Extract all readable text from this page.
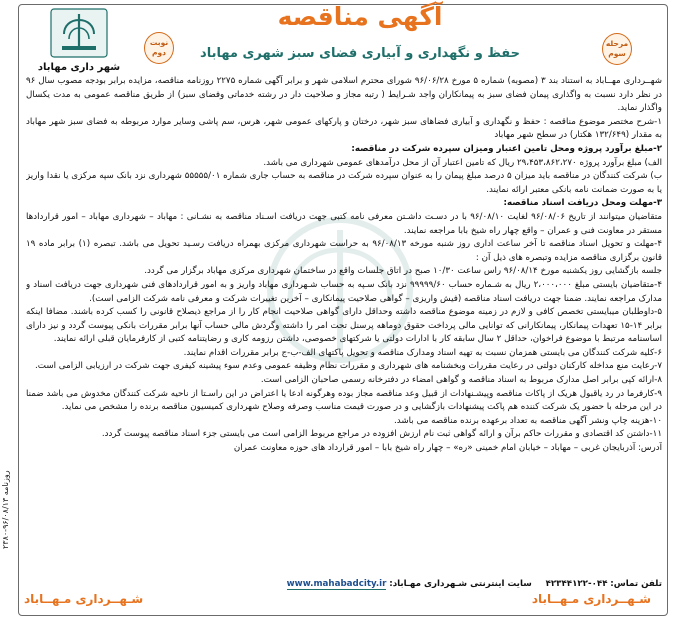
شهر داری مهاباد
نوبت دوم
مرحله سوم
آگهی مناقصه
حفظ و نگهداری و آبیاری فضای سبز شهری مهاباد

شهــرداری مهــاباد به استناد بند ۳ (مصوبه) شماره ۵ مورخ ۹۶/۰۶/۲۸ شورای محترم اسلامی شهر و برابر آگهی شماره ۲۲۷۵ روزنامه مناقصه، مزایده برابر بودجه مصوب سال ۹۶ در نظر دارد نسبت به واگذاری پیمان فضای سبز به پیمانکاران واجد شـرایط ( رتبه مجاز و صلاحیت دار در رشته خدماتی وفضای سبز) از طریق مناقصه عمومی به مدت یکسال واگذار نماید.

۱-شرح مختصر موضوع مناقصه : حفظ و نگهداری و آبیاری فضاهای سبز شهر، درختان و پارکهای عمومی شهر، هرس، سم پاشی وسایر موارد مربوطه به فضای سبز شهر مهاباد به مقدار (۱۳۲/۶۴۹ هکتار) در سطح شهر مهاباد

۲-مبلغ برآورد پروژه ومحل تامین اعتبار ومیزان سپرده شرکت در مناقصه:

الف) مبلغ برآورد پروژه ۲۹،۴۵۳،۸۶۲،۲۷۰ ریال که تامین اعتبار آن از محل درآمدهای عمومی شهرداری می باشد.

ب) شرکت کنندگان در مناقصه باید میزان ۵ درصد مبلغ پیمان را به عنوان سپرده شرکت در مناقصه به حساب جاری شماره ۵۵۵۵۵/۰۱ شهرداری نزد بانک سپه مرکزی یا نقدا واریز یا به صورت ضمانت نامه بانکی معتبر ارائه نمایند.

۳-مهلت ومحل دریافت اسناد مناقصه:

متقاضیان میتوانند از تاریخ ۹۶/۰۸/۰۶ لغایت ۹۶/۰۸/۱۰ با در دسـت داشـتن معرفی نامه کتبی جهت دریافت اسـناد مناقصه به نشـانی : مهاباد – شهرداری مهاباد – امور قراردادها مستقر در معاونت فنی و عمران – واقع چهار راه شیخ بابا مراجعه نمایند.

۴-مهلت و تحویل اسناد مناقصه تا آخر ساعت اداری روز شنبه مورخه ۹۶/۰۸/۱۳ به حراست شهرداری مرکزی بهمراه دریافت رسـید تحویل می باشد. تبصره (۱) برابر ماده ۱۹ قانون برگزاری مناقصه مزایده وتبصره های ذیل آن :

جلسه بازگشایی روز یکشنبه مورخ ۹۶/۰۸/۱۴ راس ساعت ۱۰/۳۰ صبح در اتاق جلسات واقع در ساختمان شهرداری مرکزی مهاباد برگزار می گردد.

۴-متقاضیان بایستی مبلغ ۲،۰۰۰،۰۰۰ ریال به شـماره حساب ۹۹۹۹۹/۶۰ نزد بانک سـپه به حساب شـهرداری مهاباد واریز و به امور قراردادهای فنی شهرداری جهت دریافت اسناد و مدارک مراجعه نمایند. ضمنا جهت دریافت اسناد مناقصه (فیش واریزی – گواهی صلاحیت پیمانکاری – آخرین تغییرات شرکت و معرفی نامه شرکت الزامی است).

۵-داوطلبان میبایستی تخصص کافی و لازم در زمینه موضوع مناقصه داشته وحداقل دارای گواهی صلاحیت انجام کار را از مراجع ذیصلاح قانونی را کسب کرده باشند. مضافا اینکه برابر ۱۴-۱۵ تعهدات پیمانکار، پیمانکارانی که توانایی مالی پرداخت حقوق دوماهه پرسنل تحت امر را داشته وگردش مالی حساب آنها برابر مقررات بانکی پیوست گردد و نیز دارای اساسنامه مرتبط با موضوع فراخوان، حداقل ۲ سال سابقه کار با ادارات دولتی یا شرکتهای خصوصی، داشتن رزومه کاری و رضایتنامه کتبی از کارفرمایان قبلی ارائه نمایند.

۶-کلیه شرکت کنندگان می بایستی همزمان نسبت به تهیه اسناد ومدارک مناقصه و تحویل پاکتهای الف-ب-ج برابر مقررات اقدام نمایند.

۷-رعایت منع مداخله کارکنان دولتی در رعایت مقررات وبخشنامه های شهرداری و مقررات نظام وظیفه عمومی وعدم سوء پیشینه کیفری جهت شرکت در ارزیابی الزامی است.

۸-ارائه کپی برابر اصل مدارک مربوط به اسناد مناقصه و گواهی امضاء در دفترخانه رسمی صاحبان الزامی است.

۹-کارفرما در رد یاقبول هریک از پاکات مناقصه وپیشـنهادات از قبیل وعد مناقصه مجاز بوده وهرگونه ادعا یا اعتراض در این راسـتا از ناحیه شرکت کنندگان مخدوش می باشد ضمنا در این مرحله با حضور یک شرکت کننده هم پاکت پیشنهادات بازگشایی و در صورت قیمت مناسب وصرفه وصلاح شهرداری کمیسیون مناقصه برنده را مشخص می نماید.

۱۰-هزینه چاپ ونشر آگهی مناقصه به تعداد برعهده برنده مناقصه می باشد.

۱۱-داشتن کد اقتصادی و مقررات حاکم برآن و ارائه گواهی ثبت نام ارزش افزوده در مراجع مربوط الزامی است می بایستی جزء اسناد مناقصه پیوست گردد.

آدرس: آذربایجان غربی – مهاباد – خیابان امام خمینی «ره» – چهار راه شیخ بابا – امور قرارداد های حوزه معاونت عمران

تلفن تماس: ۰۴۴-۴۲۳۴۴۱۲۲     سایت اینترنتی شـهرداری مهـاباد: www.mahabadcity.ir
شـهــرداری مـهــاباد	شـهــرداری مـهــاباد
روزنامه ۹۶/۰۸/۱۳-۲۳۸۰
